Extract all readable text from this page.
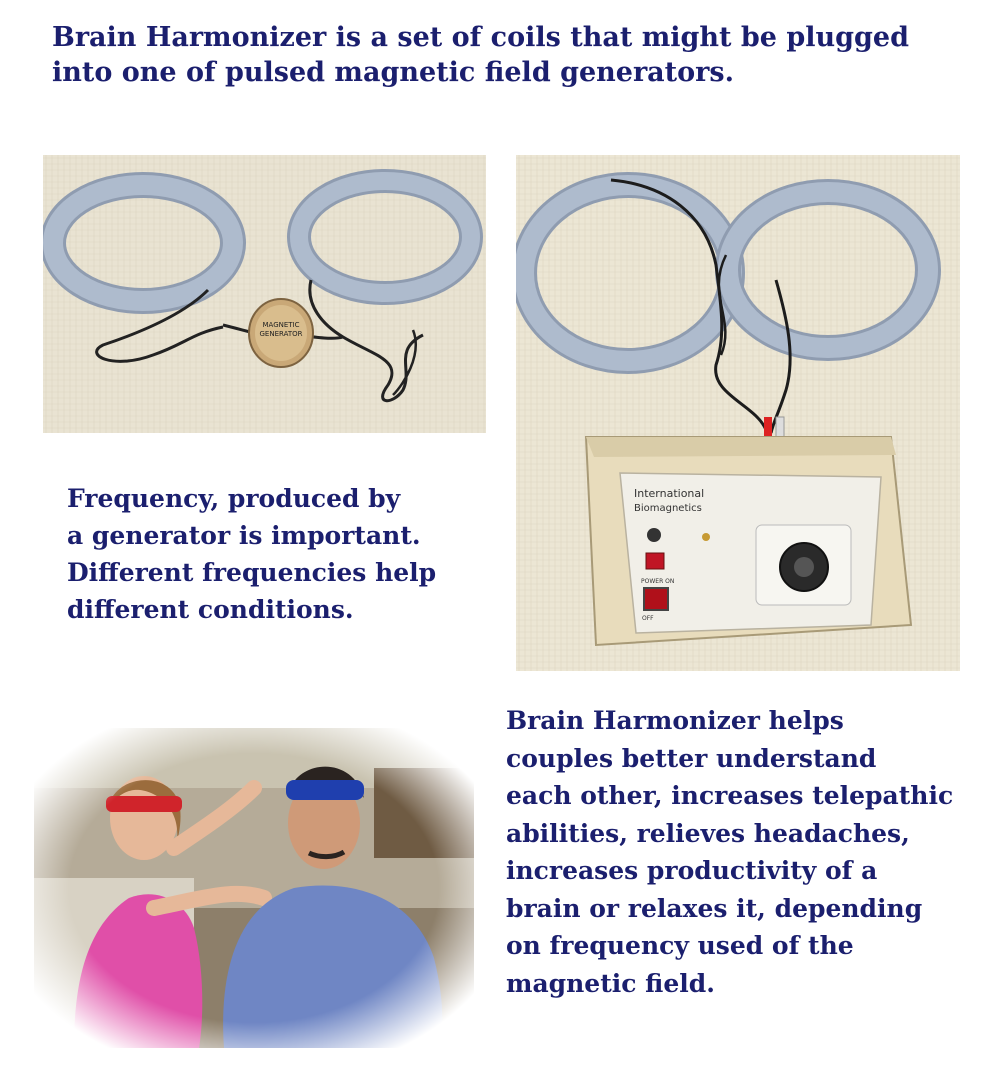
Brain Harmonizer is a set of coils that might be plugged
into one of pulsed magnetic field generators.
MAGNETIC
GENERATOR
International
Biomagnetics
POWER ON
OFF
Frequency, produced by
a generator is important.
Different frequencies help
different conditions.
Brain Harmonizer helps
couples better understand
each other, increases telepathic
abilities, relieves headaches,
increases productivity of a
brain or relaxes it, depending
on frequency used of the
magnetic field.
